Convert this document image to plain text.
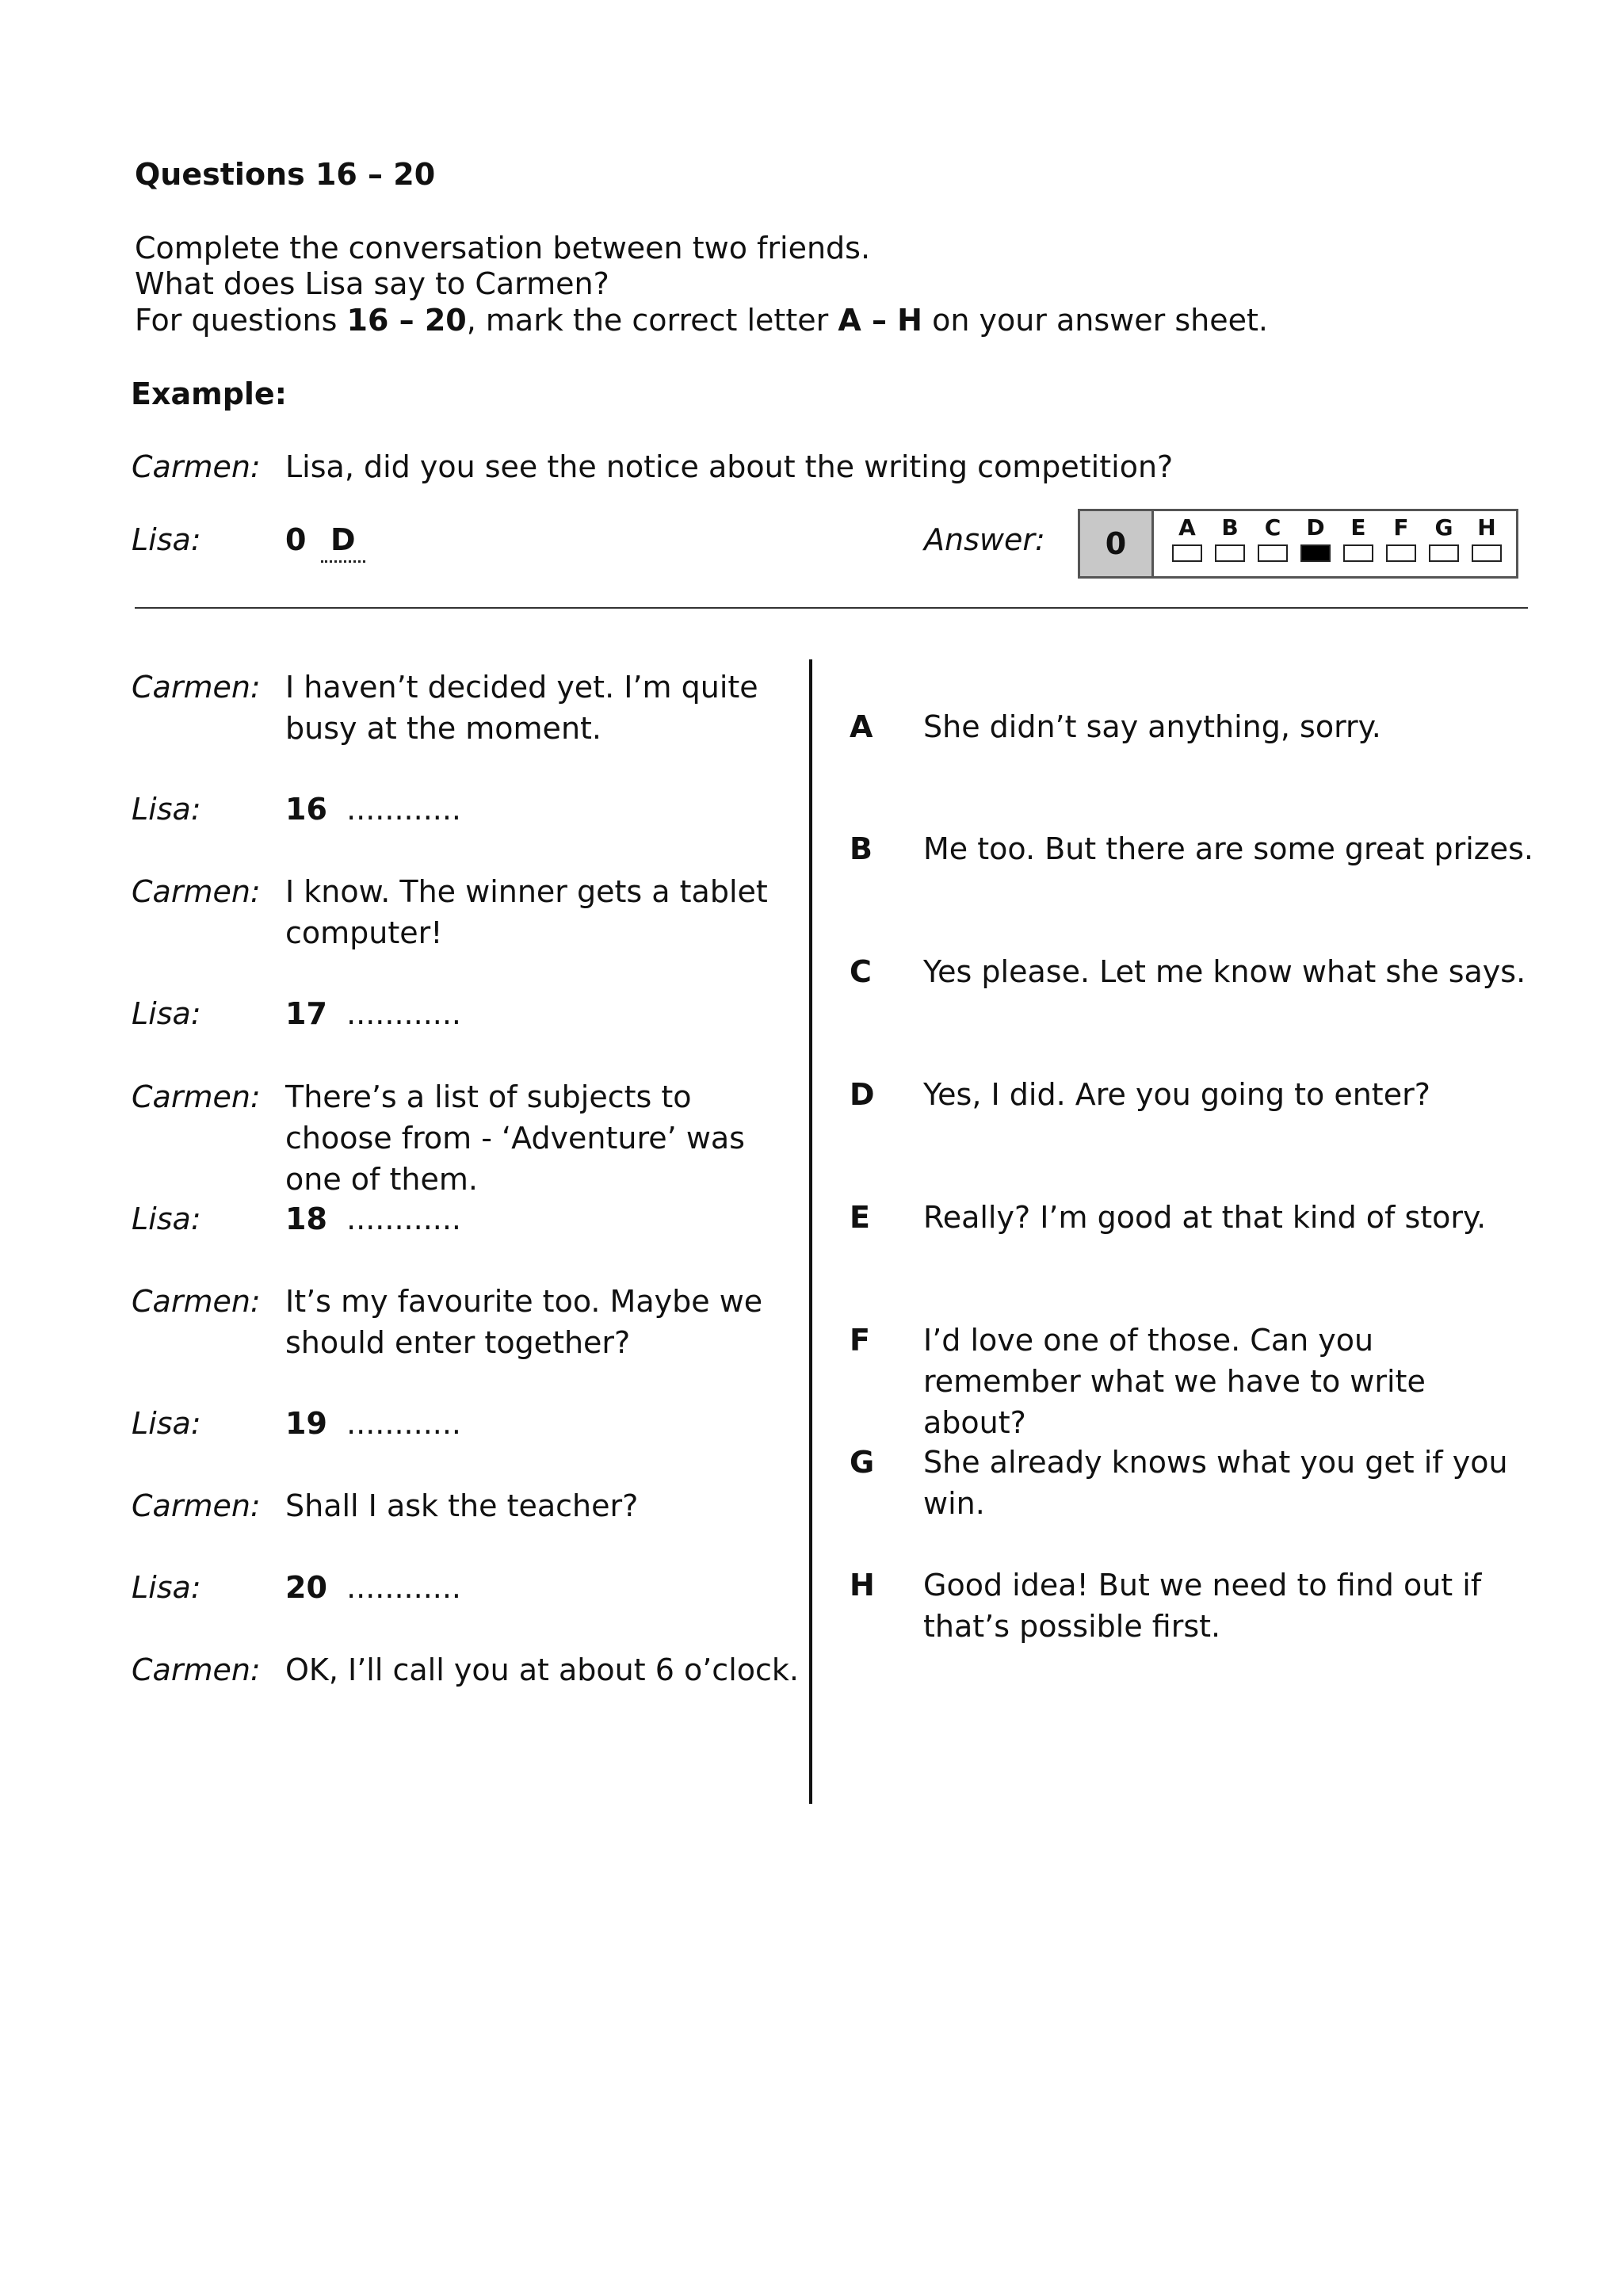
Questions 16 – 20
Complete the conversation between two friends.
What does Lisa say to Carmen?
For questions 16 – 20, mark the correct letter A – H on your answer sheet.
Example:
Carmen: Lisa, did you see the notice about the writing competition?
Lisa:	0 D	Answer:	0	A	B	C	D	E	F	G	H
Carmen: I haven’t decided yet. I’m quite busy at the moment.
Lisa:	16 ............
Carmen: I know. The winner gets a tablet computer!
Lisa:	17 ............
Carmen: There’s a list of subjects to choose from - ‘Adventure’ was one of them.
Lisa:	18 ............
Carmen: It’s my favourite too. Maybe we should enter together?
Lisa:	19 ............
Carmen: Shall I ask the teacher?
Lisa:	20 ............
Carmen: OK, I’ll call you at about 6 o’clock.
A She didn’t say anything, sorry.
B Me too. But there are some great prizes.
C Yes please. Let me know what she says.
D Yes, I did. Are you going to enter?
E Really? I’m good at that kind of story.
F I’d love one of those. Can you remember what we have to write about?
G She already knows what you get if you win.
H Good idea! But we need to find out if that’s possible first.
